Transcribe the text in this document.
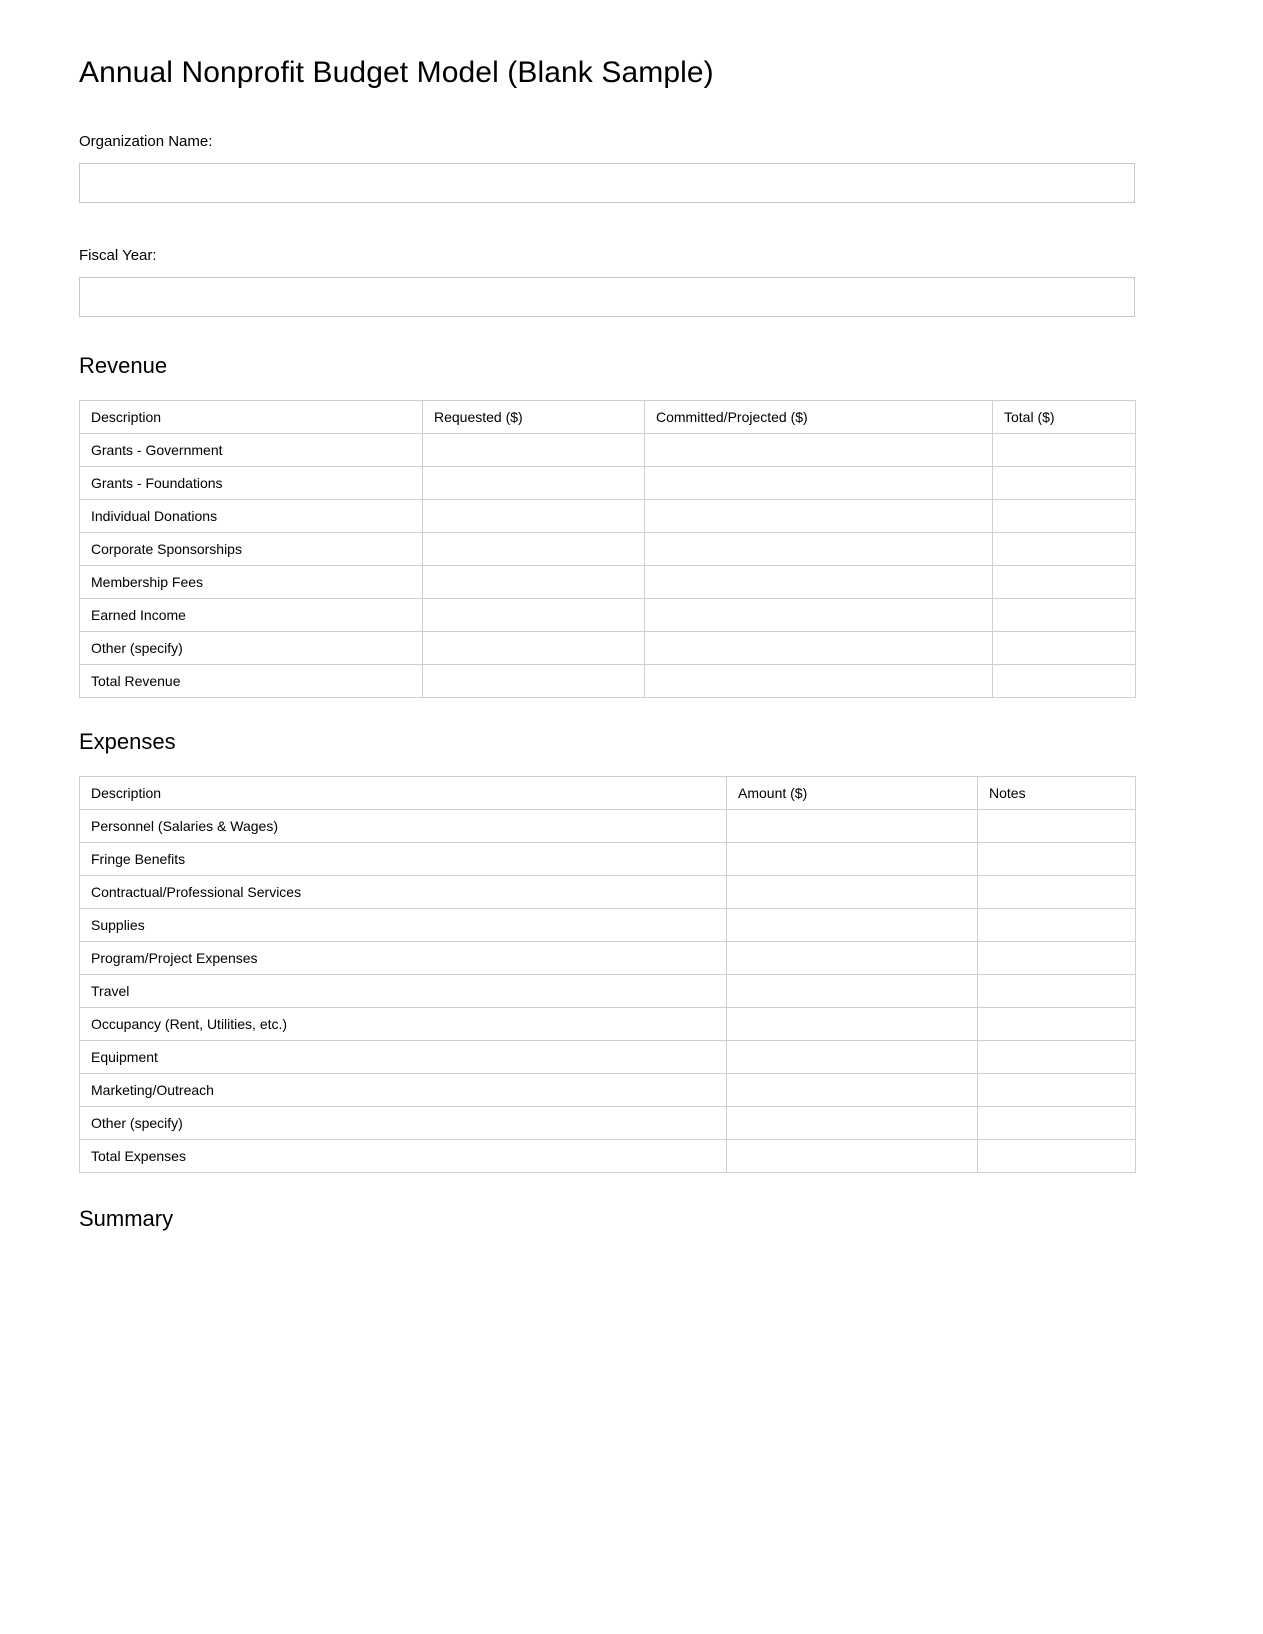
Annual Nonprofit Budget Model (Blank Sample)
Organization Name:
Fiscal Year:
Revenue
Description	Requested ($)	Committed/Projected ($)	Total ($)
Grants - Government			
Grants - Foundations			
Individual Donations			
Corporate Sponsorships			
Membership Fees			
Earned Income			
Other (specify)			
Total Revenue			
Expenses
Description	Amount ($)	Notes
Personnel (Salaries & Wages)		
Fringe Benefits		
Contractual/Professional Services		
Supplies		
Program/Project Expenses		
Travel		
Occupancy (Rent, Utilities, etc.)		
Equipment		
Marketing/Outreach		
Other (specify)		
Total Expenses		
Summary
